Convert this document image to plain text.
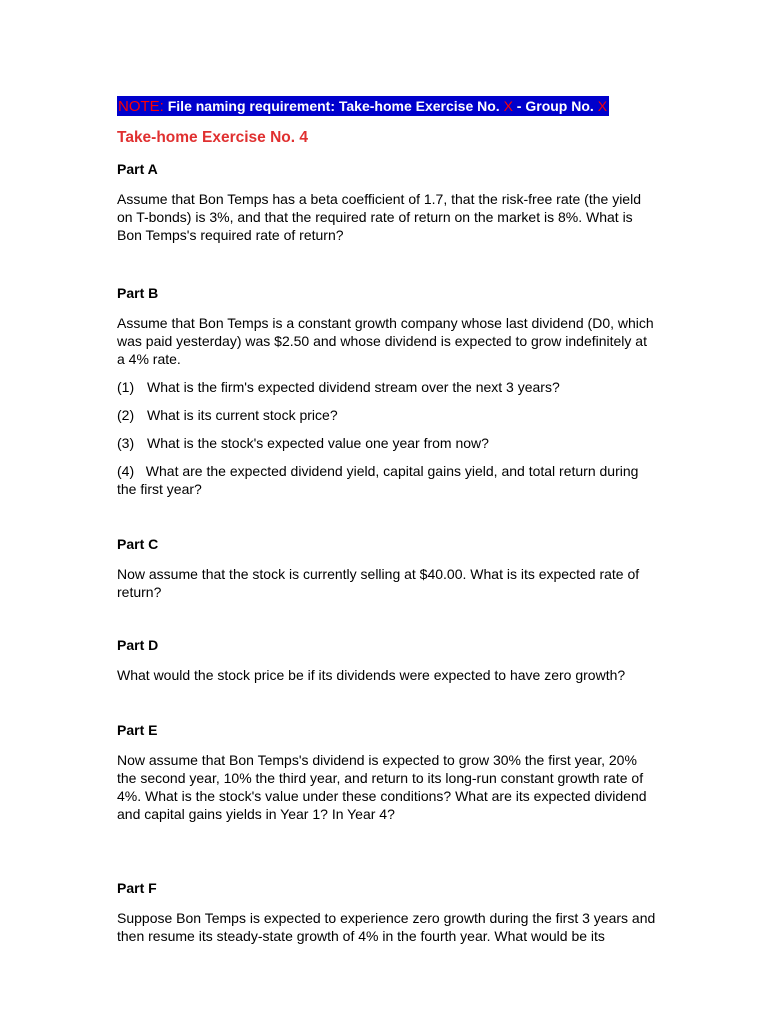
NOTE: File naming requirement: Take-home Exercise No. X - Group No. X
Take-home Exercise No. 4
Part A

Assume that Bon Temps has a beta coefficient of 1.7, that the risk-free rate (the yield on T-bonds) is 3%, and that the required rate of return on the market is 8%. What is Bon Temps's required rate of return?

Part B

Assume that Bon Temps is a constant growth company whose last dividend (D0, which was paid yesterday) was $2.50 and whose dividend is expected to grow indefinitely at a 4% rate.

(1) What is the firm's expected dividend stream over the next 3 years?
(2) What is its current stock price?
(3) What is the stock's expected value one year from now?

(4) What are the expected dividend yield, capital gains yield, and total return during the first year?

Part C

Now assume that the stock is currently selling at $40.00. What is its expected rate of return?

Part D

What would the stock price be if its dividends were expected to have zero growth?

Part E

Now assume that Bon Temps's dividend is expected to grow 30% the first year, 20% the second year, 10% the third year, and return to its long-run constant growth rate of 4%. What is the stock's value under these conditions? What are its expected dividend and capital gains yields in Year 1? In Year 4?

Part F

Suppose Bon Temps is expected to experience zero growth during the first 3 years and then resume its steady-state growth of 4% in the fourth year. What would be its
